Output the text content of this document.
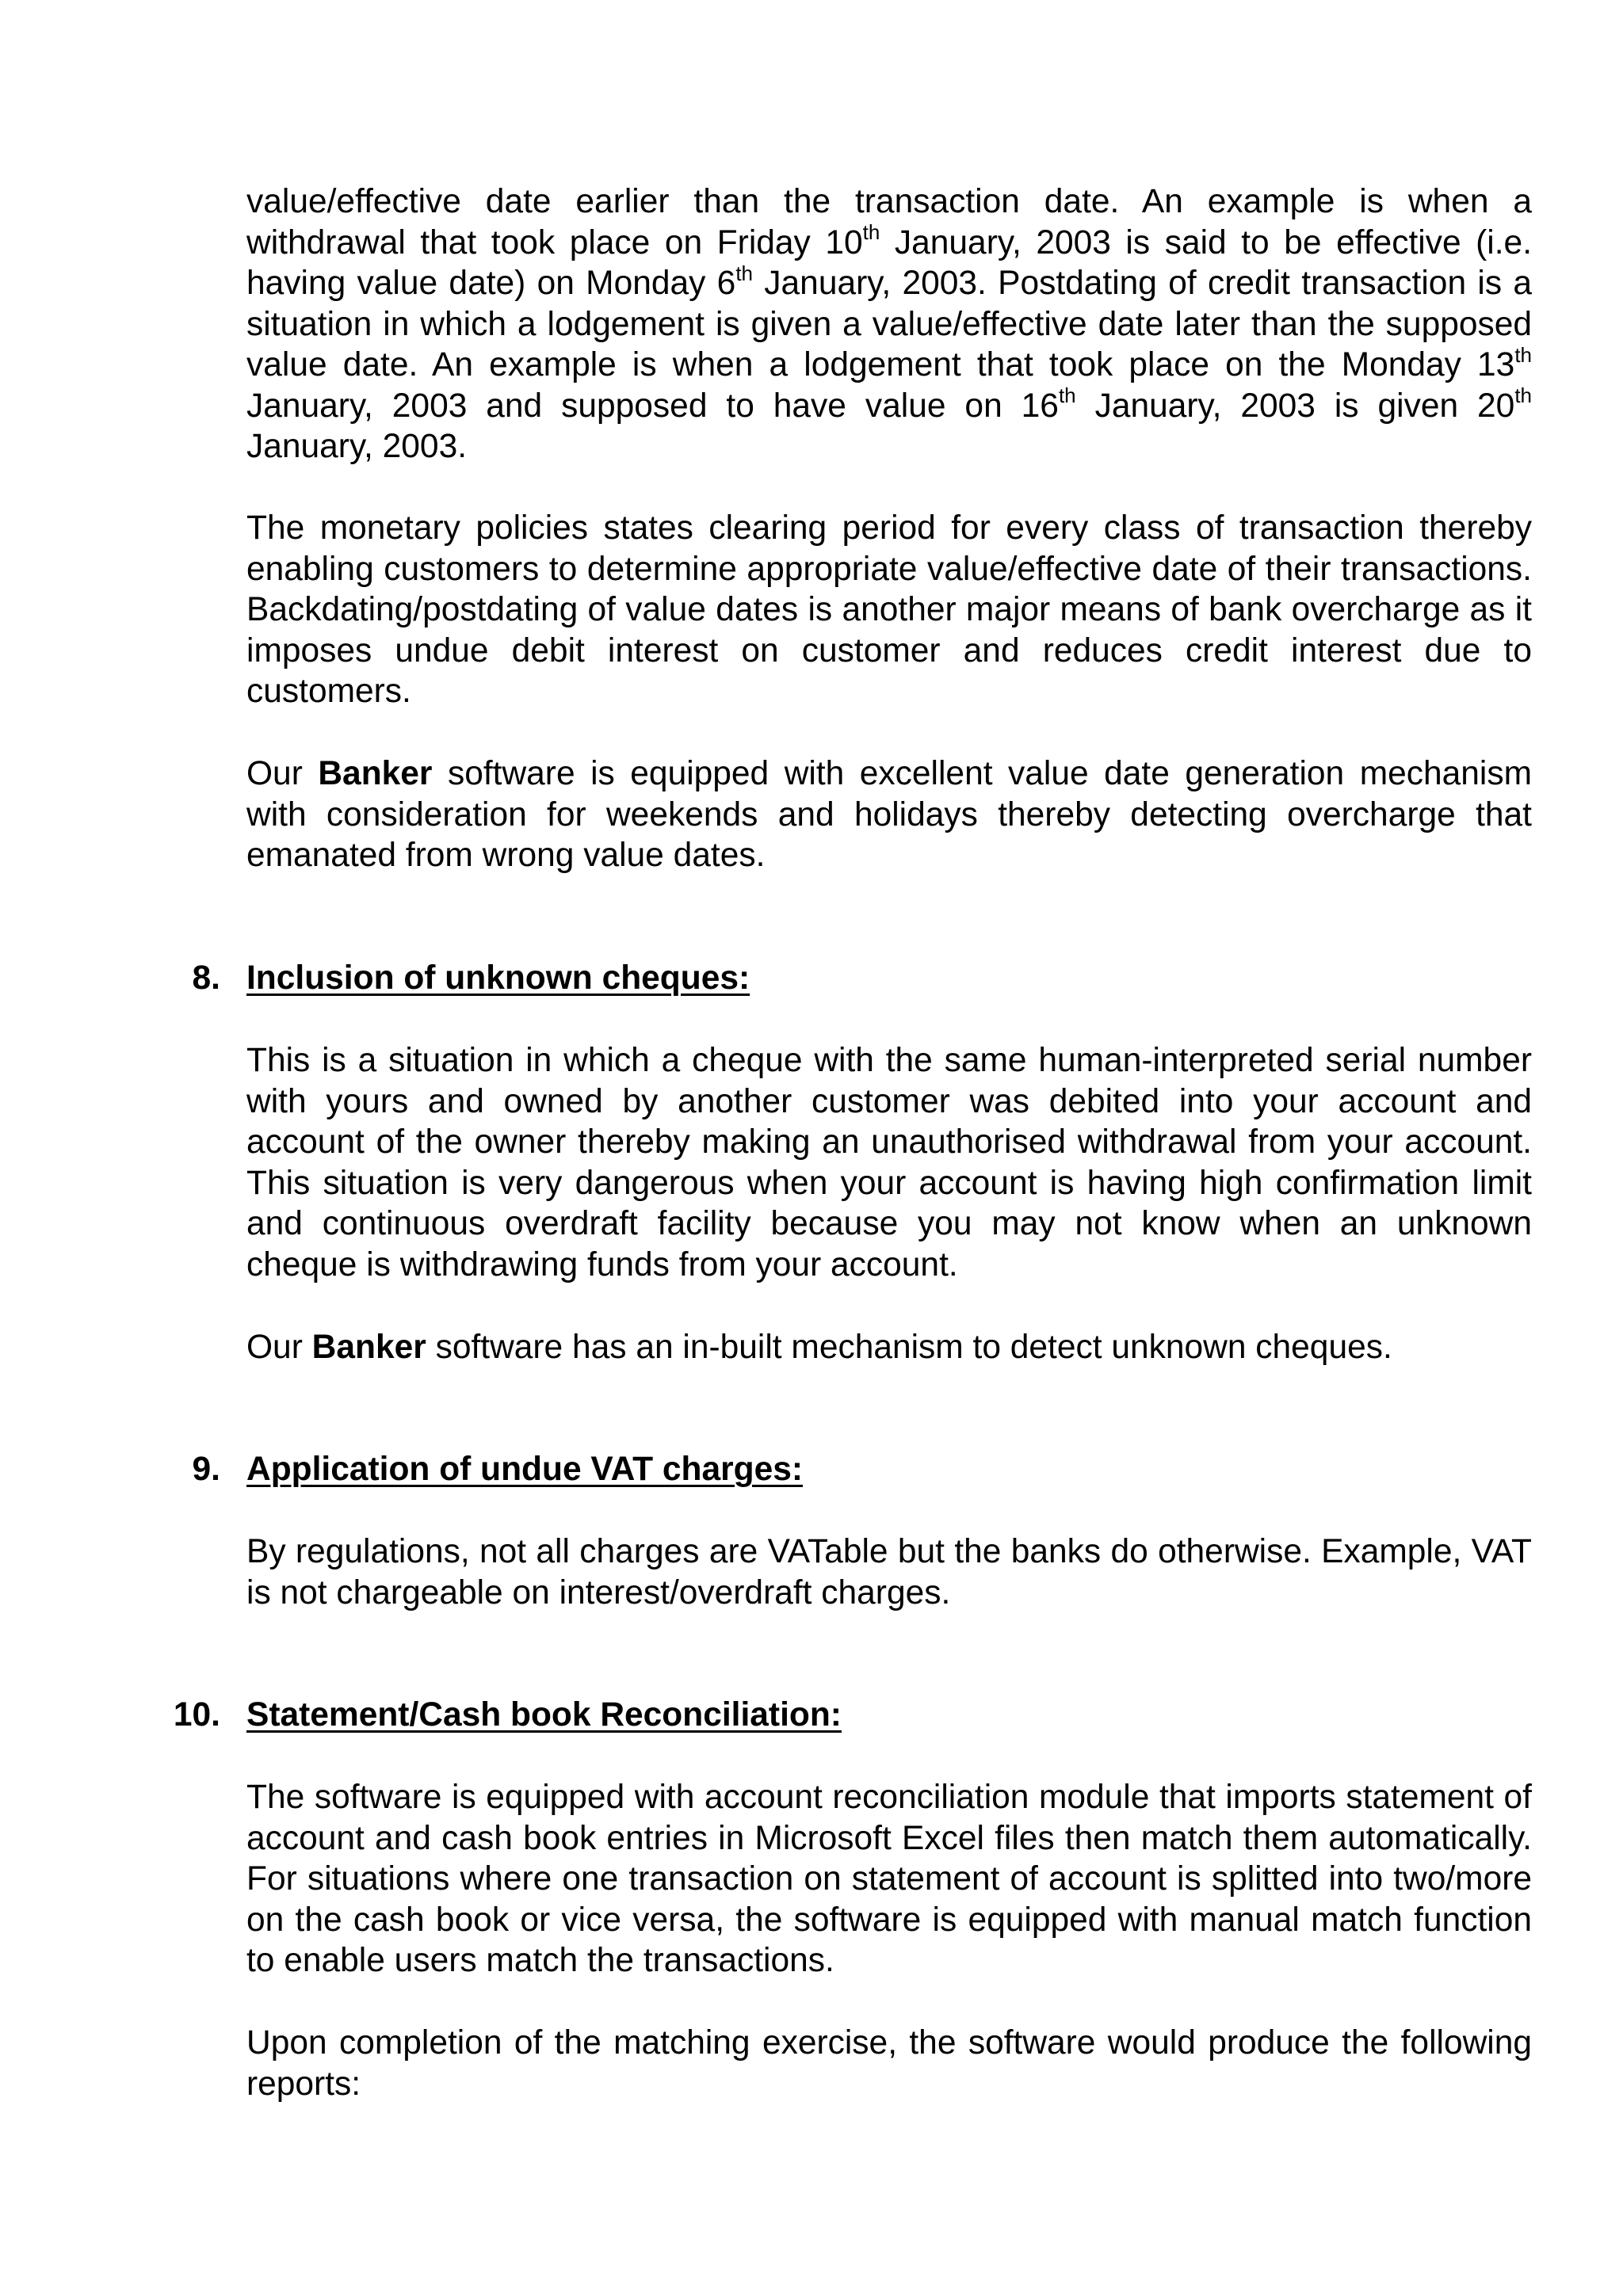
value/effective date earlier than the transaction date. An example is when a withdrawal that took place on Friday 10th January, 2003 is said to be effective (i.e. having value date) on Monday 6th January, 2003. Postdating of credit transaction is a situation in which a lodgement is given a value/effective date later than the supposed value date. An example is when a lodgement that took place on the Monday 13th January, 2003 and supposed to have value on 16th January, 2003 is given 20th January, 2003.

The monetary policies states clearing period for every class of transaction thereby enabling customers to determine appropriate value/effective date of their transactions. Backdating/postdating of value dates is another major means of bank overcharge as it imposes undue debit interest on customer and reduces credit interest due to customers.

Our Banker software is equipped with excellent value date generation mechanism with consideration for weekends and holidays thereby detecting overcharge that emanated from wrong value dates.

8. Inclusion of unknown cheques:

This is a situation in which a cheque with the same human-interpreted serial number with yours and owned by another customer was debited into your account and account of the owner thereby making an unauthorised withdrawal from your account. This situation is very dangerous when your account is having high confirmation limit and continuous overdraft facility because you may not know when an unknown cheque is withdrawing funds from your account.

Our Banker software has an in-built mechanism to detect unknown cheques.

9. Application of undue VAT charges:

By regulations, not all charges are VATable but the banks do otherwise. Example, VAT is not chargeable on interest/overdraft charges.

10. Statement/Cash book Reconciliation:

The software is equipped with account reconciliation module that imports statement of account and cash book entries in Microsoft Excel files then match them automatically. For situations where one transaction on statement of account is splitted into two/more on the cash book or vice versa, the software is equipped with manual match function to enable users match the transactions.

Upon completion of the matching exercise, the software would produce the following reports:
